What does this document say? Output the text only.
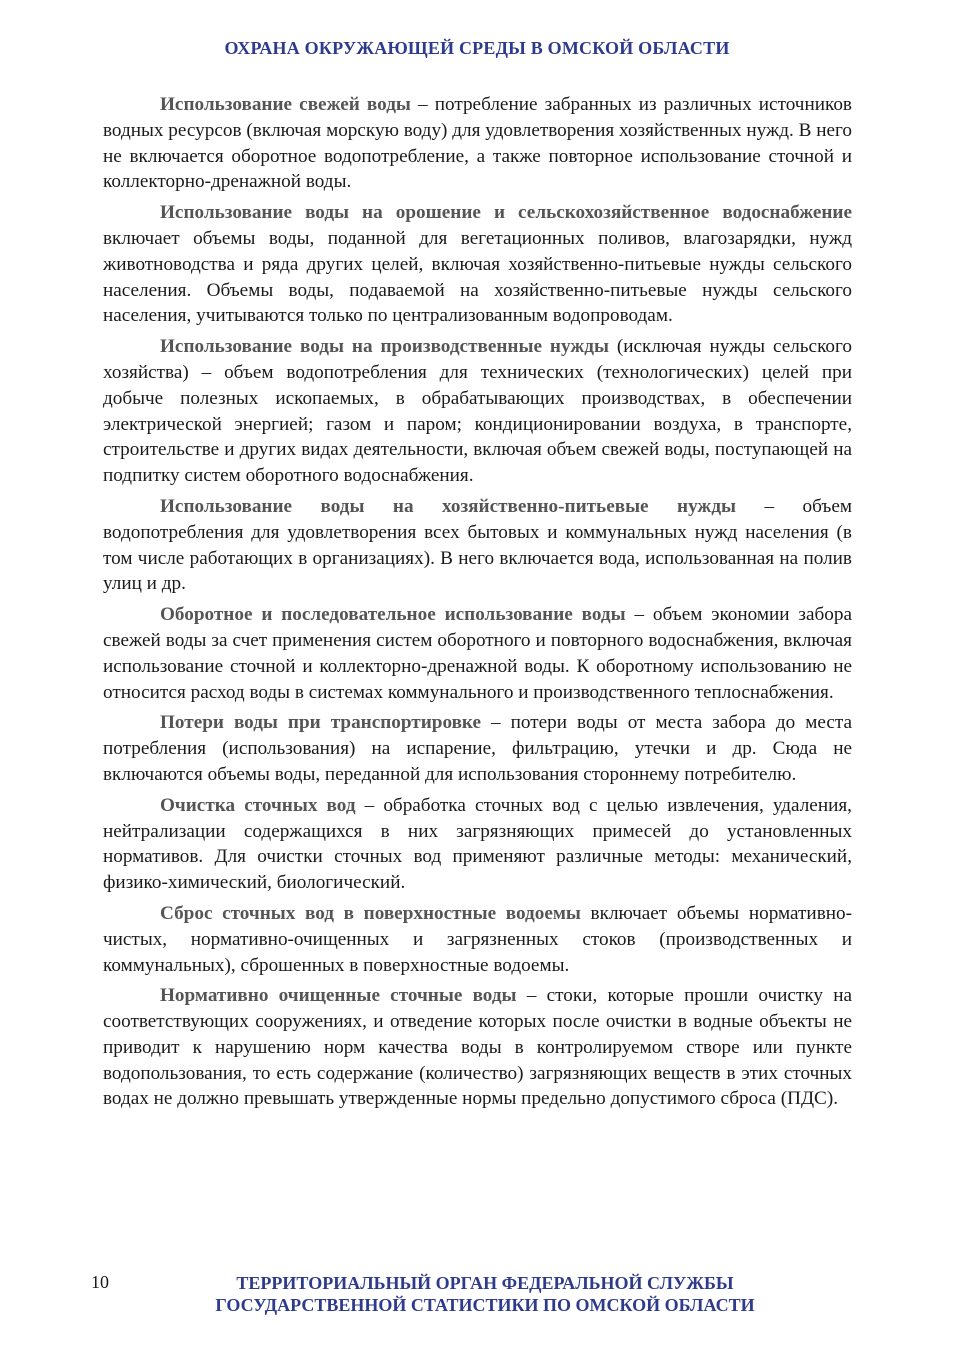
ОХРАНА ОКРУЖАЮЩЕЙ СРЕДЫ В ОМСКОЙ ОБЛАСТИ

Использование свежей воды – потребление забранных из различных источников водных ресурсов (включая морскую воду) для удовлетворения хозяйственных нужд. В него не включается оборотное водопотребление, а также повторное использование сточной и коллекторно-дренажной воды.

Использование воды на орошение и сельскохозяйственное водоснабжение включает объемы воды, поданной для вегетационных поливов, влагозарядки, нужд животноводства и ряда других целей, включая хозяйственно-питьевые нужды сельского населения. Объемы воды, подаваемой на хозяйственно-питьевые нужды сельского населения, учитываются только по централизованным водопроводам.

Использование воды на производственные нужды (исключая нужды сельского хозяйства) – объем водопотребления для технических (технологических) целей при добыче полезных ископаемых, в обрабатывающих производствах, в обеспечении электрической энергией; газом и паром; кондиционировании воздуха, в транспорте, строительстве и других видах деятельности, включая объем свежей воды, поступающей на подпитку систем оборотного водоснабжения.

Использование воды на хозяйственно-питьевые нужды – объем водопотребления для удовлетворения всех бытовых и коммунальных нужд населения (в том числе работающих в организациях). В него включается вода, использованная на полив улиц и др.

Оборотное и последовательное использование воды – объем экономии забора свежей воды за счет применения систем оборотного и повторного водоснабжения, включая использование сточной и коллекторно-дренажной воды. К оборотному использованию не относится расход воды в системах коммунального и производственного теплоснабжения.

Потери воды при транспортировке – потери воды от места забора до места потребления (использования) на испарение, фильтрацию, утечки и др. Сюда не включаются объемы воды, переданной для использования стороннему потребителю.

Очистка сточных вод – обработка сточных вод с целью извлечения, удаления, нейтрализации содержащихся в них загрязняющих примесей до установленных нормативов. Для очистки сточных вод применяют различные методы: механический, физико-химический, биологический.

Сброс сточных вод в поверхностные водоемы включает объемы нормативно-чистых, нормативно-очищенных и загрязненных стоков (производственных и коммунальных), сброшенных в поверхностные водоемы.

Нормативно очищенные сточные воды – стоки, которые прошли очистку на соответствующих сооружениях, и отведение которых после очистки в водные объекты не приводит к нарушению норм качества воды в контролируемом створе или пункте водопользования, то есть содержание (количество) загрязняющих веществ в этих сточных водах не должно превышать утвержденные нормы предельно допустимого сброса (ПДС).

10	ТЕРРИТОРИАЛЬНЫЙ ОРГАН ФЕДЕРАЛЬНОЙ СЛУЖБЫ
ГОСУДАРСТВЕННОЙ СТАТИСТИКИ ПО ОМСКОЙ ОБЛАСТИ
